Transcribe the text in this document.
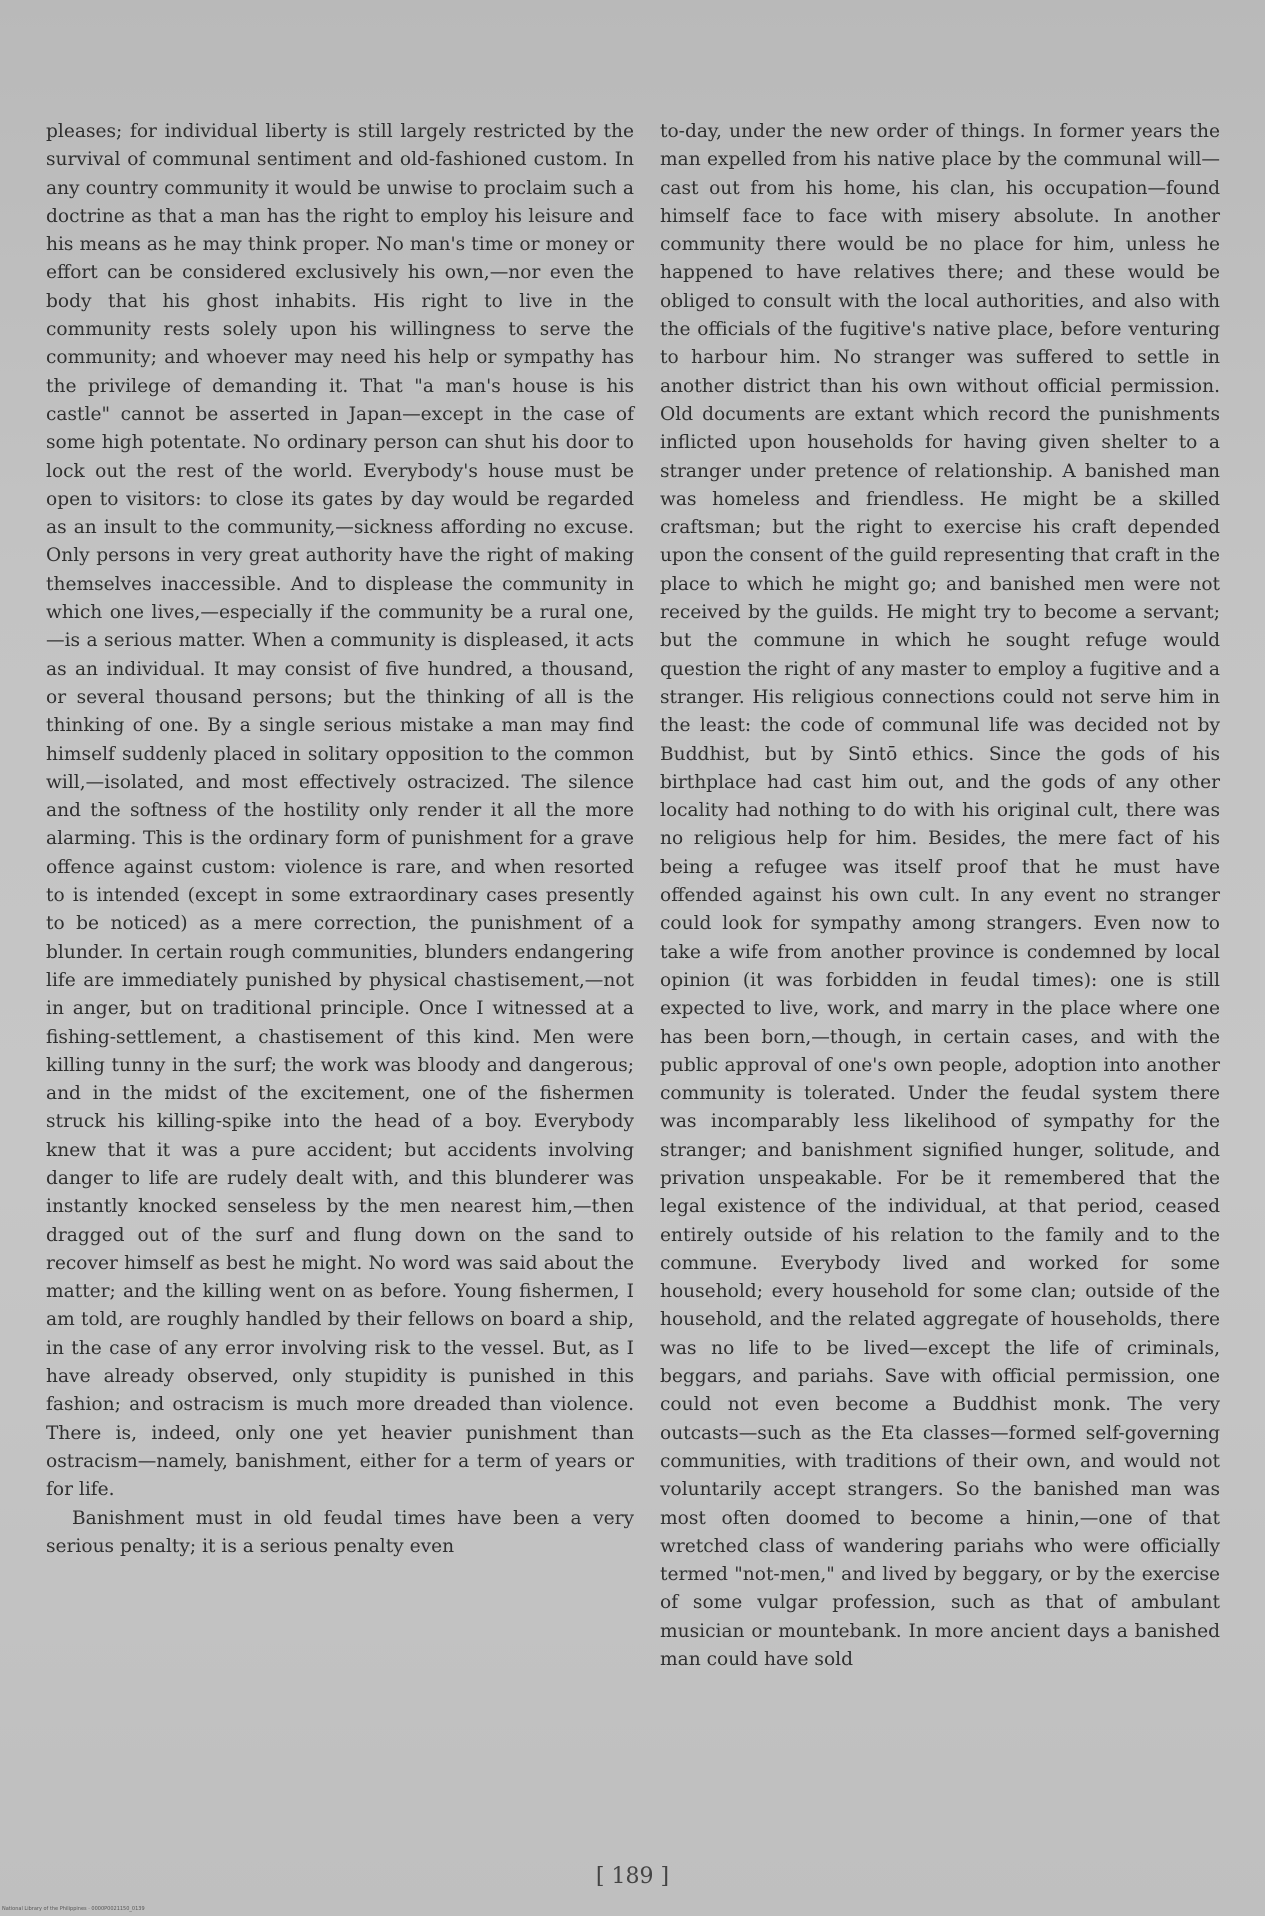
pleases; for individual liberty is still largely restricted by the survival of communal sentiment and old-fashioned custom. In any country community it would be unwise to proclaim such a doctrine as that a man has the right to employ his leisure and his means as he may think proper. No man's time or money or effort can be considered exclusively his own,—nor even the body that his ghost inhabits. His right to live in the community rests solely upon his willingness to serve the community; and whoever may need his help or sympathy has the privilege of demanding it. That "a man's house is his castle" cannot be asserted in Japan—except in the case of some high potentate. No ordinary person can shut his door to lock out the rest of the world. Everybody's house must be open to visitors: to close its gates by day would be regarded as an insult to the community,—sickness affording no excuse. Only persons in very great authority have the right of making themselves inaccessible. And to displease the community in which one lives,—especially if the community be a rural one,—is a serious matter. When a community is displeased, it acts as an individual. It may consist of five hundred, a thousand, or several thousand persons; but the thinking of all is the thinking of one. By a single serious mistake a man may find himself suddenly placed in solitary opposition to the common will,—isolated, and most effectively ostracized. The silence and the softness of the hostility only render it all the more alarming. This is the ordinary form of punishment for a grave offence against custom: violence is rare, and when resorted to is intended (except in some extraordinary cases presently to be noticed) as a mere correction, the punishment of a blunder. In certain rough communities, blunders endangering life are immediately punished by physical chastisement,—not in anger, but on traditional principle. Once I witnessed at a fishing-settlement, a chastisement of this kind. Men were killing tunny in the surf; the work was bloody and dangerous; and in the midst of the excitement, one of the fishermen struck his killing-spike into the head of a boy. Everybody knew that it was a pure accident; but accidents involving danger to life are rudely dealt with, and this blunderer was instantly knocked senseless by the men nearest him,—then dragged out of the surf and flung down on the sand to recover himself as best he might. No word was said about the matter; and the killing went on as before. Young fishermen, I am told, are roughly handled by their fellows on board a ship, in the case of any error involving risk to the vessel. But, as I have already observed, only stupidity is punished in this fashion; and ostracism is much more dreaded than violence. There is, indeed, only one yet heavier punishment than ostracism—namely, banishment, either for a term of years or for life.

Banishment must in old feudal times have been a very serious penalty; it is a serious penalty even

to-day, under the new order of things. In former years the man expelled from his native place by the communal will—cast out from his home, his clan, his occupation—found himself face to face with misery absolute. In another community there would be no place for him, unless he happened to have relatives there; and these would be obliged to consult with the local authorities, and also with the officials of the fugitive's native place, before venturing to harbour him. No stranger was suffered to settle in another district than his own without official permission. Old documents are extant which record the punishments inflicted upon households for having given shelter to a stranger under pretence of relationship. A banished man was homeless and friendless. He might be a skilled craftsman; but the right to exercise his craft depended upon the consent of the guild representing that craft in the place to which he might go; and banished men were not received by the guilds. He might try to become a servant; but the commune in which he sought refuge would question the right of any master to employ a fugitive and a stranger. His religious connections could not serve him in the least: the code of communal life was decided not by Buddhist, but by Sintō ethics. Since the gods of his birthplace had cast him out, and the gods of any other locality had nothing to do with his original cult, there was no religious help for him. Besides, the mere fact of his being a refugee was itself proof that he must have offended against his own cult. In any event no stranger could look for sympathy among strangers. Even now to take a wife from another province is condemned by local opinion (it was forbidden in feudal times): one is still expected to live, work, and marry in the place where one has been born,—though, in certain cases, and with the public approval of one's own people, adoption into another community is tolerated. Under the feudal system there was incomparably less likelihood of sympathy for the stranger; and banishment signified hunger, solitude, and privation unspeakable. For be it remembered that the legal existence of the individual, at that period, ceased entirely outside of his relation to the family and to the commune. Everybody lived and worked for some household; every household for some clan; outside of the household, and the related aggregate of households, there was no life to be lived—except the life of criminals, beggars, and pariahs. Save with official permission, one could not even become a Buddhist monk. The very outcasts—such as the Eta classes—formed self-governing communities, with traditions of their own, and would not voluntarily accept strangers. So the banished man was most often doomed to become a hinin,—one of that wretched class of wandering pariahs who were officially termed "not-men," and lived by beggary, or by the exercise of some vulgar profession, such as that of ambulant musician or mountebank. In more ancient days a banished man could have sold

[ 189 ]
National Library of the Philippines · 0000P0021150_0139
